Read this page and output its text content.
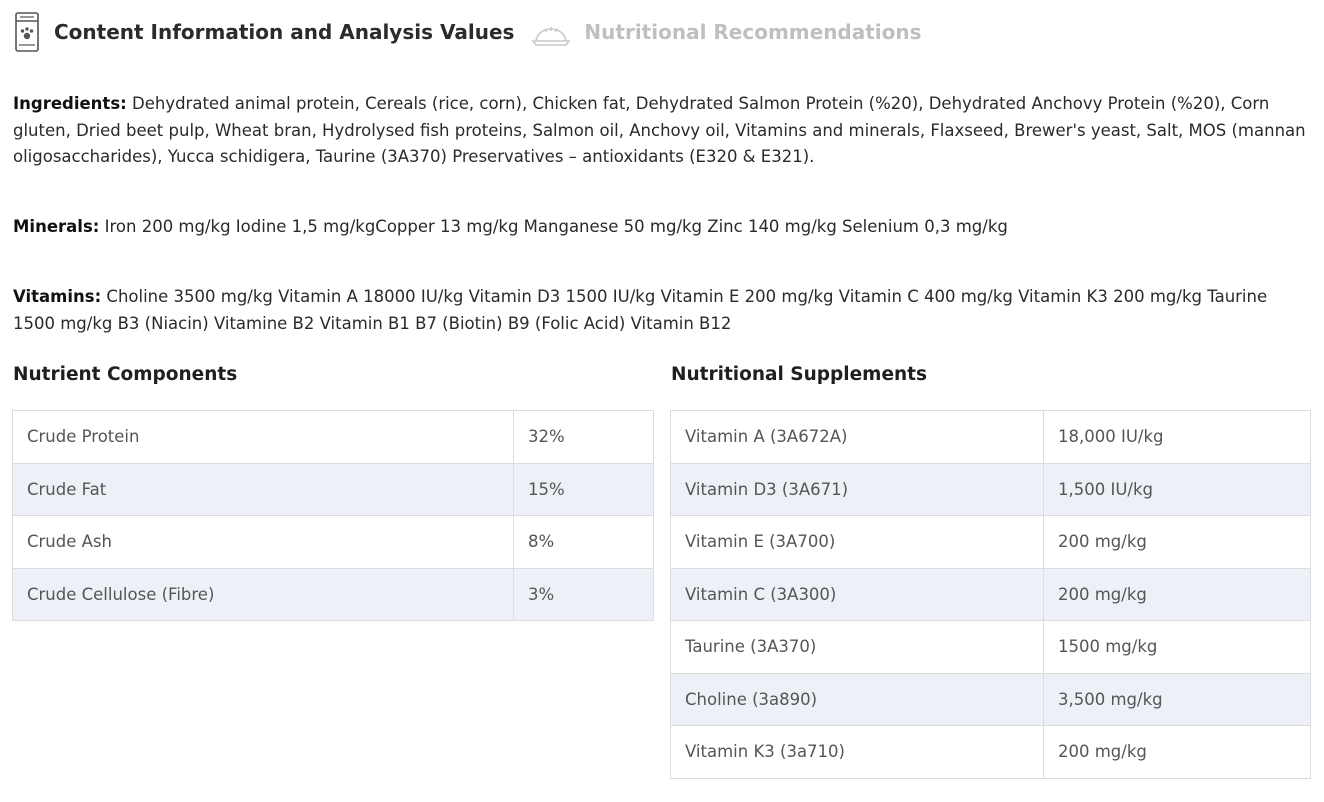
Content Information and Analysis Values	Nutritional Recommendations
Ingredients: Dehydrated animal protein, Cereals (rice, corn), Chicken fat, Dehydrated Salmon Protein (%20), Dehydrated Anchovy Protein (%20), Corn gluten, Dried beet pulp, Wheat bran, Hydrolysed fish proteins, Salmon oil, Anchovy oil, Vitamins and minerals, Flaxseed, Brewer's yeast, Salt, MOS (mannan oligosaccharides), Yucca schidigera, Taurine (3A370) Preservatives – antioxidants (E320 & E321).
Minerals: Iron 200 mg/kg Iodine 1,5 mg/kgCopper 13 mg/kg Manganese 50 mg/kg Zinc 140 mg/kg Selenium 0,3 mg/kg
Vitamins: Choline 3500 mg/kg Vitamin A 18000 IU/kg Vitamin D3 1500 IU/kg Vitamin E 200 mg/kg Vitamin C 400 mg/kg Vitamin K3 200 mg/kg Taurine 1500 mg/kg B3 (Niacin) Vitamine B2 Vitamin B1 B7 (Biotin) B9 (Folic Acid) Vitamin B12
Nutrient Components	Nutritional Supplements
Crude Protein	32%
Crude Fat	15%
Crude Ash	8%
Crude Cellulose (Fibre)	3%
Vitamin A (3A672A)	18,000 IU/kg
Vitamin D3 (3A671)	1,500 IU/kg
Vitamin E (3A700)	200 mg/kg
Vitamin C (3A300)	200 mg/kg
Taurine (3A370)	1500 mg/kg
Choline (3a890)	3,500 mg/kg
Vitamin K3 (3a710)	200 mg/kg
